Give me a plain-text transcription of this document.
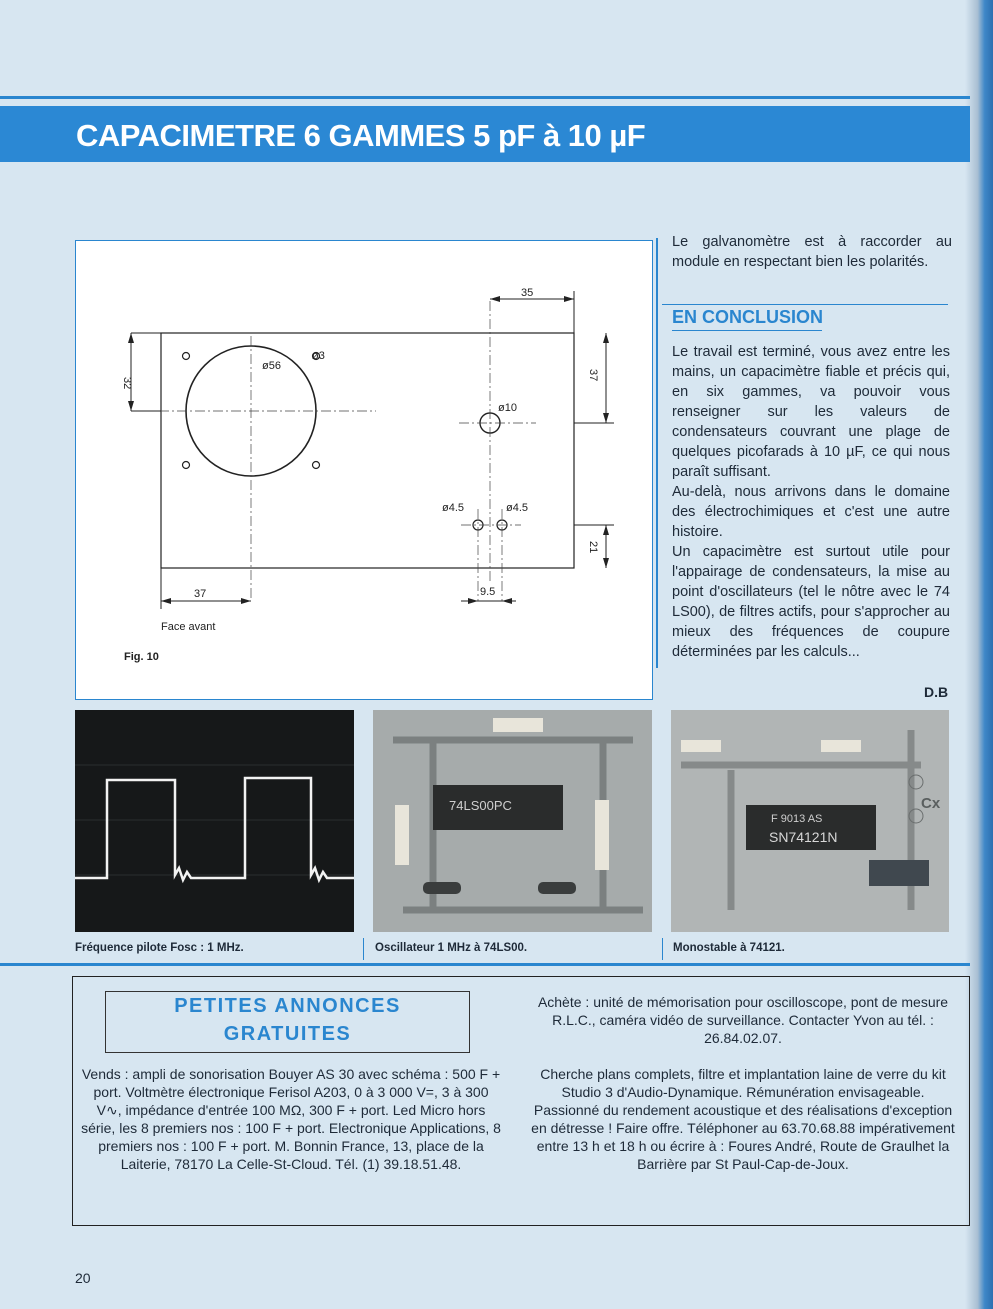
CAPACIMETRE 6 GAMMES 5 pF à 10 µF
35
32
37
21
37	9.5
ø56
ø3
ø10
ø4.5	ø4.5
Face avant
Fig. 10

Le galvanomètre est à raccorder au module en respectant bien les polarités.

EN CONCLUSION

Le travail est terminé, vous avez entre les mains, un capacimètre fiable et précis qui, en six gammes, va pouvoir vous renseigner sur les valeurs de condensateurs couvrant une plage de quelques picofarads à 10 µF, ce qui nous paraît suffisant.

Au-delà, nous arrivons dans le domaine des électrochimiques et c'est une autre histoire.

Un capacimètre est surtout utile pour l'appairage de condensateurs, la mise au point d'oscillateurs (tel le nôtre avec le 74 LS00), de filtres actifs, pour s'approcher au mieux des fréquences de coupure déterminées par les calculs...

D.B
74LS00PC
F 9013 AS
SN74121N
Cx
Fréquence pilote Fosc : 1 MHz.	Oscillateur 1 MHz à 74LS00.	Monostable à 74121.
PETITES ANNONCES
GRATUITES
Vends : ampli de sonorisation Bouyer AS 30 avec schéma : 500 F + port. Voltmètre électronique Ferisol A203, 0 à 3 000 V=, 3 à 300 V∿, impédance d'entrée 100 MΩ, 300 F + port. Led Micro hors série, les 8 premiers nos : 100 F + port. Electronique Applications, 8 premiers nos : 100 F + port. M. Bonnin France, 13, place de la Laiterie, 78170 La Celle-St-Cloud. Tél. (1) 39.18.51.48.
Achète : unité de mémorisation pour oscilloscope, pont de mesure R.L.C., caméra vidéo de surveillance. Contacter Yvon au tél. : 26.84.02.07.
Cherche plans complets, filtre et implantation laine de verre du kit Studio 3 d'Audio-Dynamique. Rémunération envisageable. Passionné du rendement acoustique et des réalisations d'exception en détresse ! Faire offre. Téléphoner au 63.70.68.88 impérativement entre 13 h et 18 h ou écrire à : Foures André, Route de Graulhet la Barrière par St Paul-Cap-de-Joux.
20
